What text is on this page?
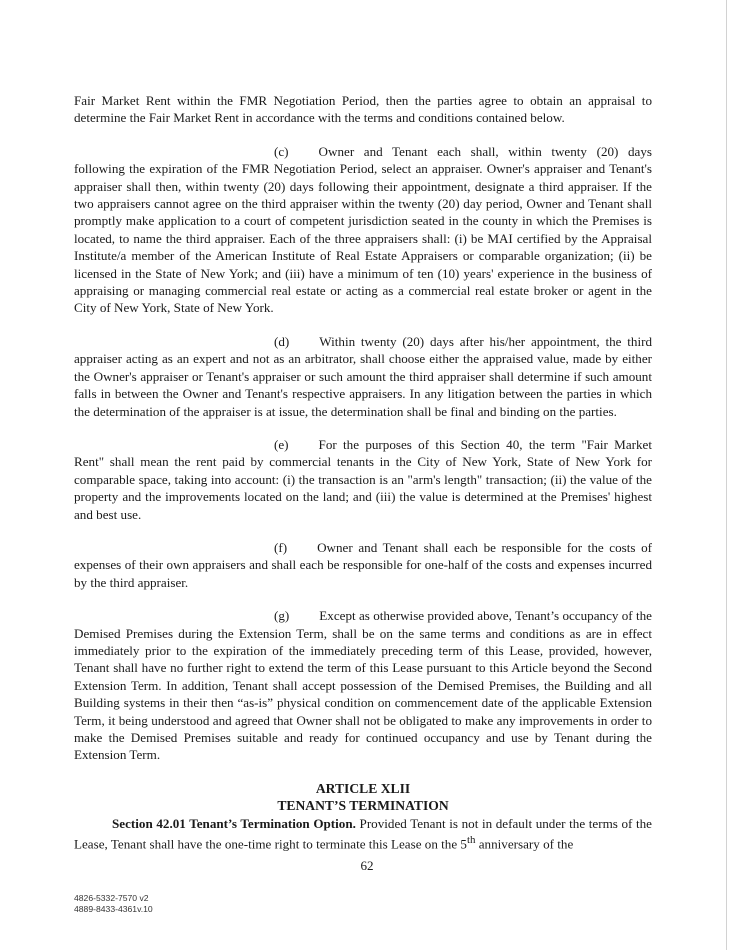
Fair Market Rent within the FMR Negotiation Period, then the parties agree to obtain an appraisal to determine the Fair Market Rent in accordance with the terms and conditions contained below.

(c) Owner and Tenant each shall, within twenty (20) days following the expiration of the FMR Negotiation Period, select an appraiser. Owner's appraiser and Tenant's appraiser shall then, within twenty (20) days following their appointment, designate a third appraiser. If the two appraisers cannot agree on the third appraiser within the twenty (20) day period, Owner and Tenant shall promptly make application to a court of competent jurisdiction seated in the county in which the Premises is located, to name the third appraiser. Each of the three appraisers shall: (i) be MAI certified by the Appraisal Institute/a member of the American Institute of Real Estate Appraisers or comparable organization; (ii) be licensed in the State of New York; and (iii) have a minimum of ten (10) years' experience in the business of appraising or managing commercial real estate or acting as a commercial real estate broker or agent in the City of New York, State of New York.

(d) Within twenty (20) days after his/her appointment, the third appraiser acting as an expert and not as an arbitrator, shall choose either the appraised value, made by either the Owner's appraiser or Tenant's appraiser or such amount the third appraiser shall determine if such amount falls in between the Owner and Tenant's respective appraisers. In any litigation between the parties in which the determination of the appraiser is at issue, the determination shall be final and binding on the parties.

(e) For the purposes of this Section 40, the term "Fair Market Rent" shall mean the rent paid by commercial tenants in the City of New York, State of New York for comparable space, taking into account: (i) the transaction is an "arm's length" transaction; (ii) the value of the property and the improvements located on the land; and (iii) the value is determined at the Premises' highest and best use.

(f) Owner and Tenant shall each be responsible for the costs of expenses of their own appraisers and shall each be responsible for one-half of the costs and expenses incurred by the third appraiser.

(g) Except as otherwise provided above, Tenant’s occupancy of the Demised Premises during the Extension Term, shall be on the same terms and conditions as are in effect immediately prior to the expiration of the immediately preceding term of this Lease, provided, however, Tenant shall have no further right to extend the term of this Lease pursuant to this Article beyond the Second Extension Term. In addition, Tenant shall accept possession of the Demised Premises, the Building and all Building systems in their then “as-is” physical condition on commencement date of the applicable Extension Term, it being understood and agreed that Owner shall not be obligated to make any improvements in order to make the Demised Premises suitable and ready for continued occupancy and use by Tenant during the Extension Term.

ARTICLE XLII
TENANT’S TERMINATION

Section 42.01 Tenant’s Termination Option. Provided Tenant is not in default under the terms of the Lease, Tenant shall have the one-time right to terminate this Lease on the 5th anniversary of the

62
4826-5332-7570 v2
4889-8433-4361v.10
